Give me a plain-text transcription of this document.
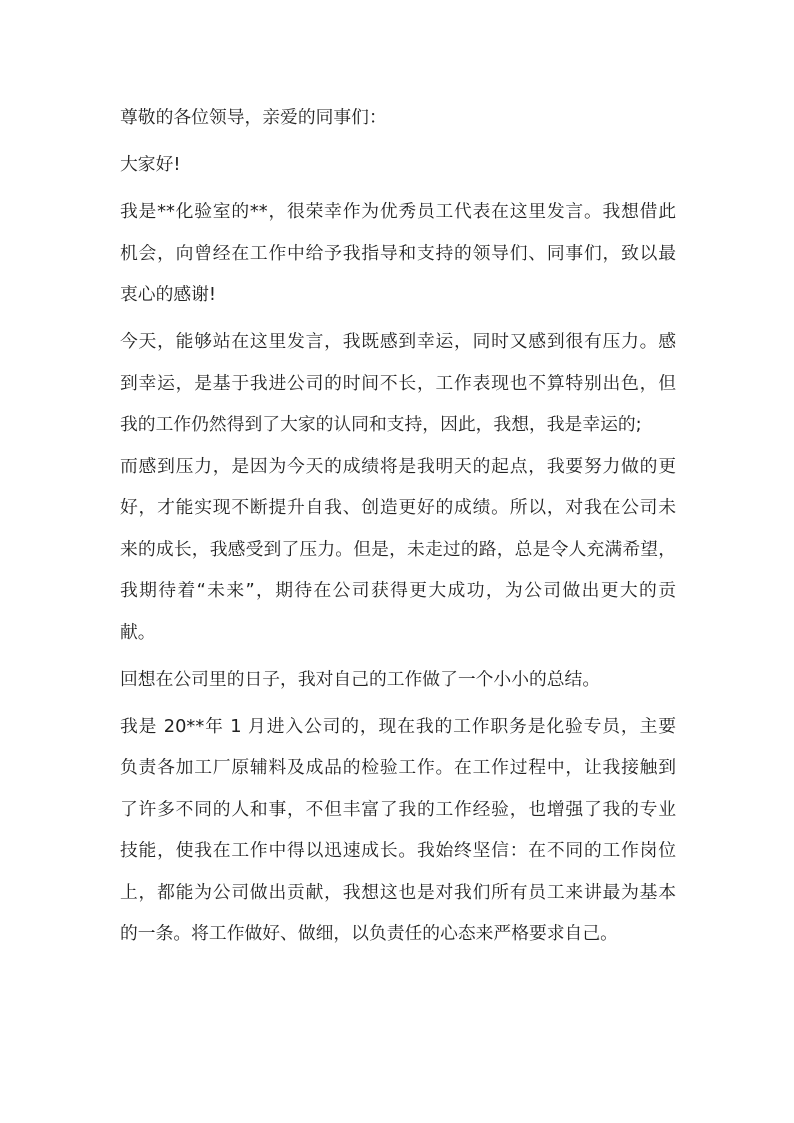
尊敬的各位领导，亲爱的同事们：

大家好!

我是**化验室的**，很荣幸作为优秀员工代表在这里发言。我想借此
机会，向曾经在工作中给予我指导和支持的领导们、同事们，致以最
衷心的感谢!

今天，能够站在这里发言，我既感到幸运，同时又感到很有压力。感
到幸运，是基于我进公司的时间不长，工作表现也不算特别出色，但
我的工作仍然得到了大家的认同和支持，因此，我想，我是幸运的;
而感到压力，是因为今天的成绩将是我明天的起点，我要努力做的更
好，才能实现不断提升自我、创造更好的成绩。所以，对我在公司未
来的成长，我感受到了压力。但是，未走过的路，总是令人充满希望，
我期待着“未来”，期待在公司获得更大成功，为公司做出更大的贡
献。

回想在公司里的日子，我对自己的工作做了一个小小的总结。

我是 20**年 1 月进入公司的，现在我的工作职务是化验专员，主要
负责各加工厂原辅料及成品的检验工作。在工作过程中，让我接触到
了许多不同的人和事，不但丰富了我的工作经验，也增强了我的专业
技能，使我在工作中得以迅速成长。我始终坚信：在不同的工作岗位
上，都能为公司做出贡献，我想这也是对我们所有员工来讲最为基本
的一条。将工作做好、做细，以负责任的心态来严格要求自己。
